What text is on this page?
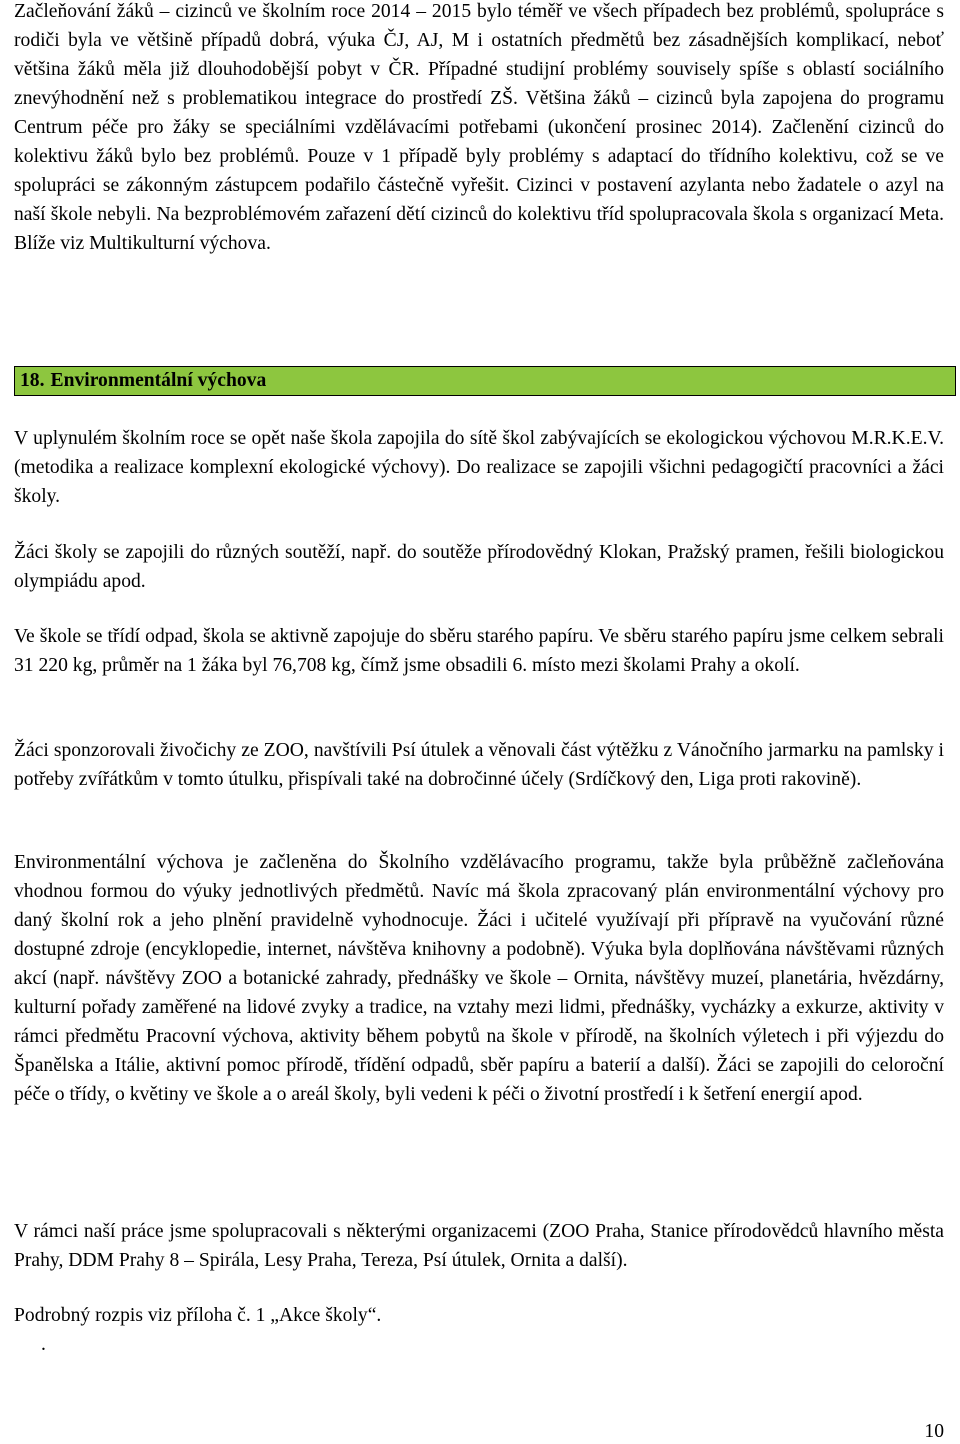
Začleňování žáků – cizinců ve školním roce 2014 – 2015 bylo téměř ve všech případech bez problémů, spolupráce s rodiči byla ve většině případů dobrá, výuka ČJ, AJ, M i ostatních předmětů bez zásadnějších komplikací, neboť většina žáků měla již dlouhodobější pobyt v ČR. Případné studijní problémy souvisely spíše s oblastí sociálního znevýhodnění než s problematikou integrace do prostředí ZŠ. Většina žáků – cizinců byla zapojena do programu Centrum péče pro žáky se speciálními vzdělávacími potřebami (ukončení prosinec 2014). Začlenění cizinců do kolektivu žáků bylo bez problémů. Pouze v 1 případě byly problémy s adaptací do třídního kolektivu, což se ve spolupráci se zákonným zástupcem podařilo částečně vyřešit. Cizinci v postavení azylanta nebo žadatele o azyl na naší škole nebyli. Na bezproblémovém zařazení dětí cizinců do kolektivu tříd spolupracovala škola s organizací Meta. Blíže viz Multikulturní výchova.

18. Environmentální výchova

V uplynulém školním roce se opět naše škola zapojila do sítě škol zabývajících se ekologickou výchovou M.R.K.E.V. (metodika a realizace komplexní ekologické výchovy). Do realizace se zapojili všichni pedagogičtí pracovníci a žáci školy.

Žáci školy se zapojili do různých soutěží, např. do soutěže přírodovědný Klokan, Pražský pramen, řešili biologickou olympiádu apod.

Ve škole se třídí odpad, škola se aktivně zapojuje do sběru starého papíru. Ve sběru starého papíru jsme celkem sebrali 31 220 kg, průměr na 1 žáka byl 76,708 kg, čímž jsme obsadili 6. místo mezi školami Prahy a okolí.

Žáci sponzorovali živočichy ze ZOO, navštívili Psí útulek a věnovali část výtěžku z Vánočního jarmarku na pamlsky i potřeby zvířátkům v tomto útulku, přispívali také na dobročinné účely (Srdíčkový den, Liga proti rakovině).

Environmentální výchova je začleněna do Školního vzdělávacího programu, takže byla průběžně začleňována vhodnou formou do výuky jednotlivých předmětů. Navíc má škola zpracovaný plán environmentální výchovy pro daný školní rok a jeho plnění pravidelně vyhodnocuje. Žáci i učitelé využívají při přípravě na vyučování různé dostupné zdroje (encyklopedie, internet, návštěva knihovny a podobně). Výuka byla doplňována návštěvami různých akcí (např. návštěvy ZOO a botanické zahrady, přednášky ve škole – Ornita, návštěvy muzeí, planetária, hvězdárny, kulturní pořady zaměřené na lidové zvyky a tradice, na vztahy mezi lidmi, přednášky, vycházky a exkurze, aktivity v rámci předmětu Pracovní výchova, aktivity během pobytů na škole v přírodě, na školních výletech i při výjezdu do Španělska a Itálie, aktivní pomoc přírodě, třídění odpadů, sběr papíru a baterií a další). Žáci se zapojili do celoroční péče o třídy, o květiny ve škole a o areál školy, byli vedeni k péči o životní prostředí i k šetření energií apod.

V rámci naší práce jsme spolupracovali s některými organizacemi (ZOO Praha, Stanice přírodovědců hlavního města Prahy, DDM Prahy 8 – Spirála, Lesy Praha, Tereza, Psí útulek, Ornita a další).

Podrobný rozpis viz příloha č. 1 „Akce školy“.

.
10
